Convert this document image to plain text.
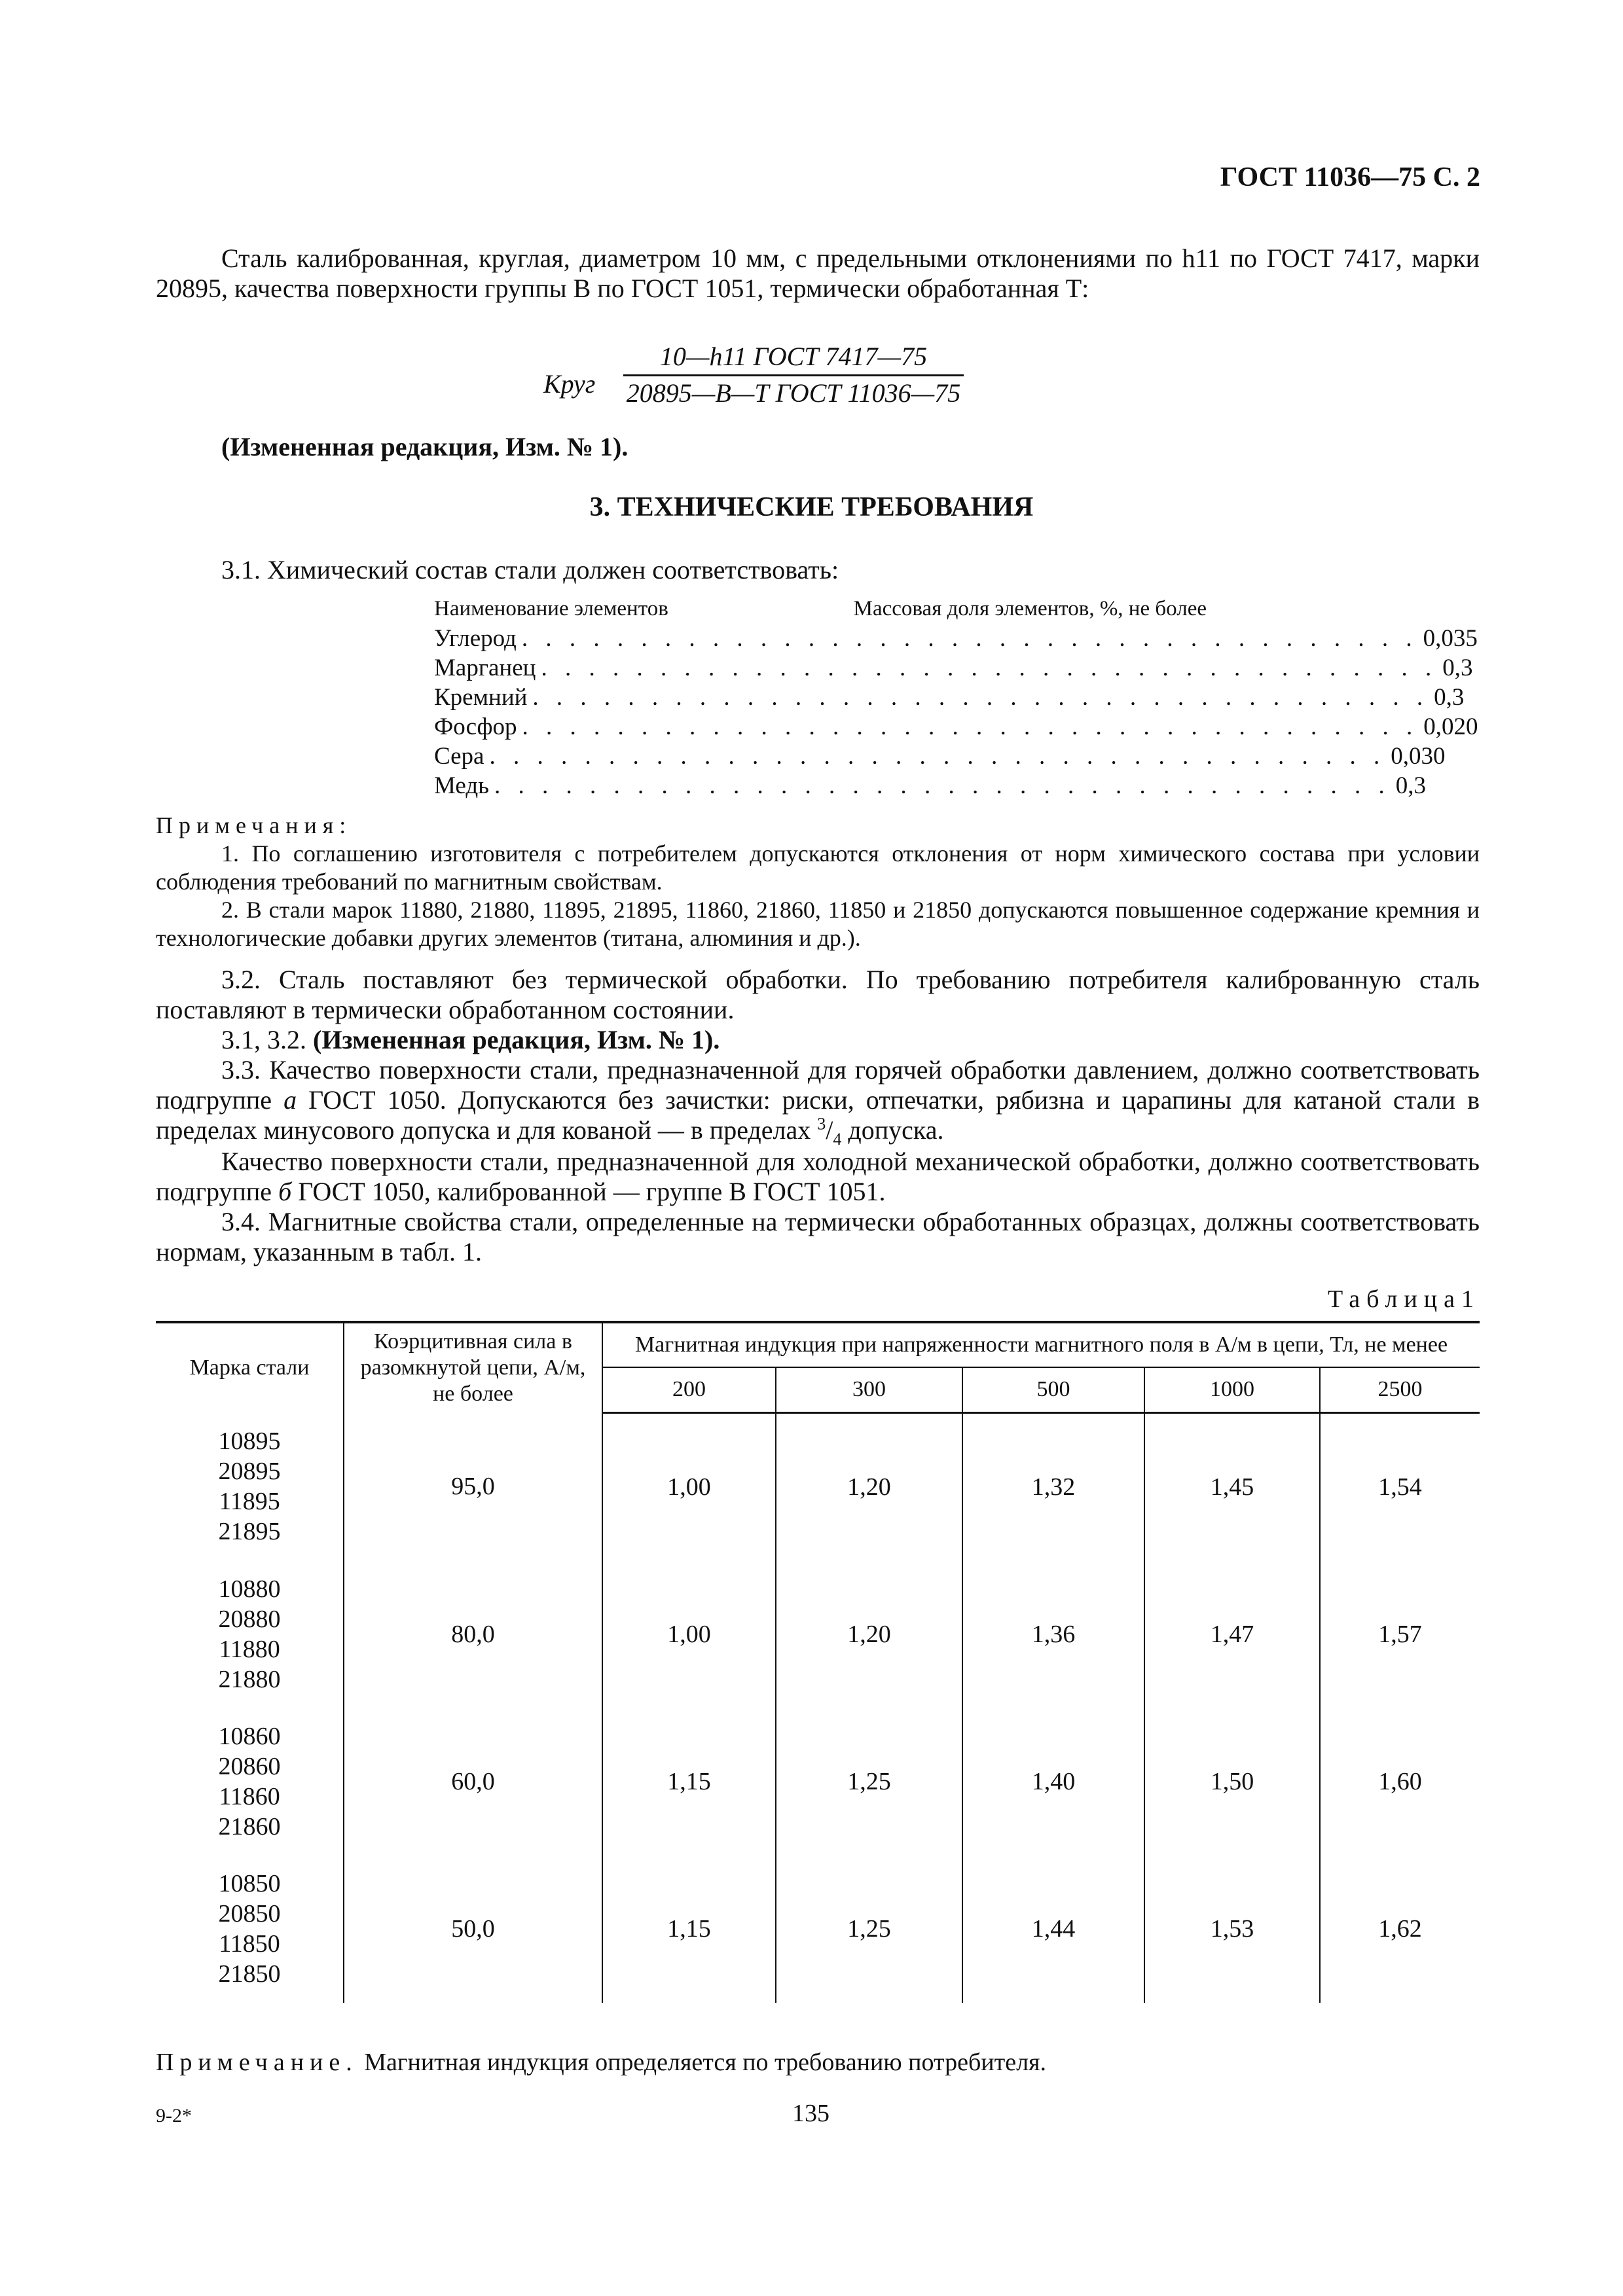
ГОСТ 11036—75 С. 2
Сталь калиброванная, круглая, диаметром 10 мм, с предельными отклонениями по h11 по ГОСТ 7417, марки 20895, качества поверхности группы В по ГОСТ 1051, термически обработанная Т:
Круг
10—h11 ГОСТ 7417—75
20895—В—Т ГОСТ 11036—75
(Измененная редакция, Изм. № 1).
3. ТЕХНИЧЕСКИЕ ТРЕБОВАНИЯ
3.1. Химический состав стали должен соответствовать:
Наименование элементов	Массовая доля элементов, %, не более
Углерод . . . . . . . . . . . . . . . . . . . . . . . . . . . . . . . . . . . . . . 0,035
Марганец . . . . . . . . . . . . . . . . . . . . . . . . . . . . . . . . . . . . . . 0,3
Кремний . . . . . . . . . . . . . . . . . . . . . . . . . . . . . . . . . . . . . . 0,3
Фосфор . . . . . . . . . . . . . . . . . . . . . . . . . . . . . . . . . . . . . . 0,020
Сера . . . . . . . . . . . . . . . . . . . . . . . . . . . . . . . . . . . . . . 0,030
Медь . . . . . . . . . . . . . . . . . . . . . . . . . . . . . . . . . . . . . . 0,3
Примечания:
1. По соглашению изготовителя с потребителем допускаются отклонения от норм химического состава при условии соблюдения требований по магнитным свойствам.
2. В стали марок 11880, 21880, 11895, 21895, 11860, 21860, 11850 и 21850 допускаются повышенное содержание кремния и технологические добавки других элементов (титана, алюминия и др.).
3.2. Сталь поставляют без термической обработки. По требованию потребителя калиброванную сталь поставляют в термически обработанном состоянии.
3.1, 3.2. (Измененная редакция, Изм. № 1).
3.3. Качество поверхности стали, предназначенной для горячей обработки давлением, должно соответствовать подгруппе а ГОСТ 1050. Допускаются без зачистки: риски, отпечатки, рябизна и царапины для катаной стали в пределах минусового допуска и для кованой — в пределах $^3/_4$ допуска.
Качество поверхности стали, предназначенной для холодной механической обработки, должно соответствовать подгруппе б ГОСТ 1050, калиброванной — группе В ГОСТ 1051.
3.4. Магнитные свойства стали, определенные на термически обработанных образцах, должны соответствовать нормам, указанным в табл. 1.
Таблица1
Марка стали	Коэрцитивная сила в разомкнутой цепи, А/м, не более	Магнитная индукция при напряженности магнитного поля в А/м в цепи, Тл, не менее				
		200	300	500	1000	2500

10895
20895
11895
21895	95,0	1,00	1,20	1,32	1,45	1,54

10880
20880
11880
21880	80,0	1,00	1,20	1,36	1,47	1,57

10860
20860
11860
21860	60,0	1,15	1,25	1,40	1,50	1,60

10850
20850
11850
21850	50,0	1,15	1,25	1,44	1,53	1,62
Примечание. Магнитная индукция определяется по требованию потребителя.
9-2*	135
